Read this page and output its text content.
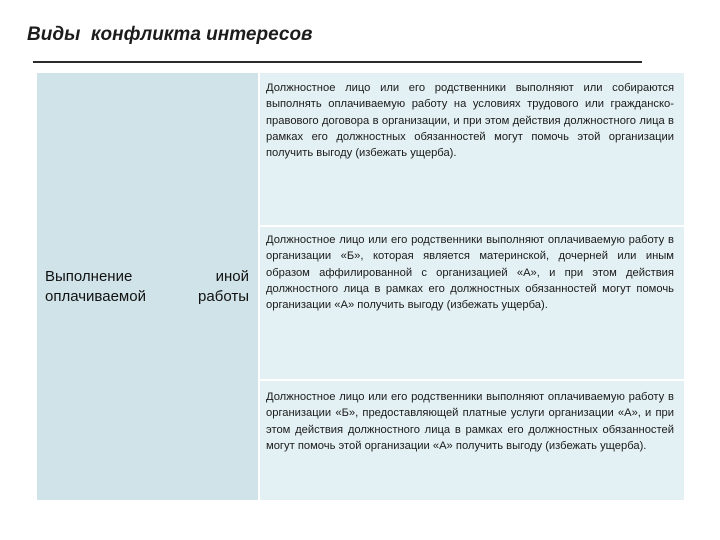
Виды  конфликта интересов
Выполнение иной оплачиваемой работы

Должностное лицо или его родственники выполняют или собираются выполнять оплачиваемую работу на условиях трудового или гражданско-правового договора в организации, и при этом действия должностного лица в рамках его должностных обязанностей могут помочь этой организации получить выгоду (избежать ущерба).

Должностное лицо или его родственники выполняют оплачиваемую работу в организации «Б», которая является материнской, дочерней или иным образом аффилированной с организацией «А», и при этом действия должностного лица в рамках его должностных обязанностей могут помочь организации «А» получить выгоду (избежать ущерба).

Должностное лицо или его родственники выполняют оплачиваемую работу в организации «Б», предоставляющей платные услуги организации «А», и при этом действия должностного лица в рамках его должностных обязанностей могут помочь этой организации «А» получить выгоду (избежать ущерба).
